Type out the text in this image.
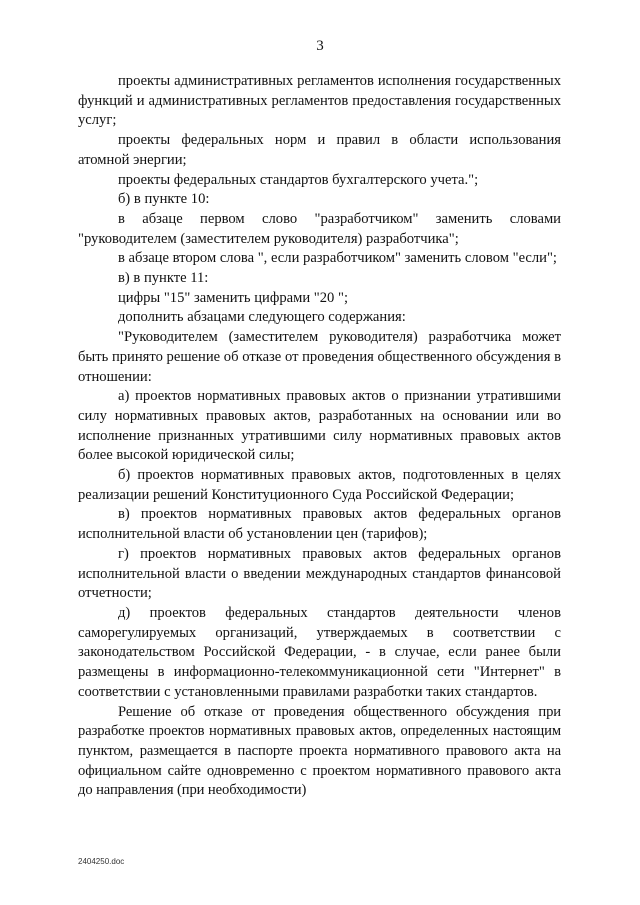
3

проекты административных регламентов исполнения государственных функций и административных регламентов предоставления государственных услуг;

проекты федеральных норм и правил в области использования атомной энергии;

проекты федеральных стандартов бухгалтерского учета.";

б) в пункте 10:

в абзаце первом слово "разработчиком" заменить словами "руководителем (заместителем руководителя) разработчика";

в абзаце втором слова ", если разработчиком" заменить словом "если";

в) в пункте 11:

цифры "15" заменить цифрами "20 ";

дополнить абзацами следующего содержания:

"Руководителем (заместителем руководителя) разработчика может быть принято решение об отказе от проведения общественного обсуждения в отношении:

а) проектов нормативных правовых актов о признании утратившими силу нормативных правовых актов, разработанных на основании или во исполнение признанных утратившими силу нормативных правовых актов более высокой юридической силы;

б) проектов нормативных правовых актов, подготовленных в целях реализации решений Конституционного Суда Российской Федерации;

в) проектов нормативных правовых актов федеральных органов исполнительной власти об установлении цен (тарифов);

г) проектов нормативных правовых актов федеральных органов исполнительной власти о введении международных стандартов финансовой отчетности;

д) проектов федеральных стандартов деятельности членов саморегулируемых организаций, утверждаемых в соответствии с законодательством Российской Федерации, - в случае, если ранее были размещены в информационно-телекоммуникационной сети "Интернет" в соответствии с установленными правилами разработки таких стандартов.

Решение об отказе от проведения общественного обсуждения при разработке проектов нормативных правовых актов, определенных настоящим пунктом, размещается в паспорте проекта нормативного правового акта на официальном сайте одновременно с проектом нормативного правового акта до направления (при необходимости)

2404250.doc
